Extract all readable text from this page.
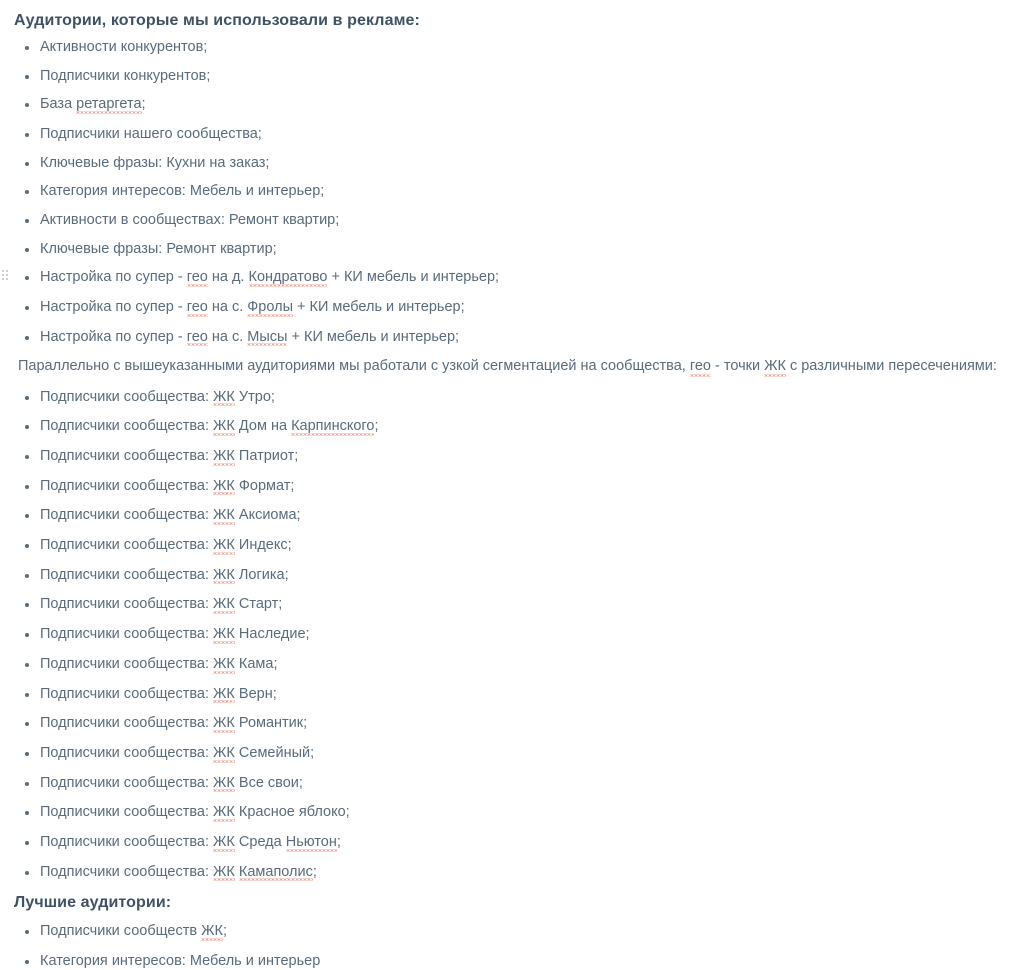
Аудитории, которые мы использовали в рекламе:
Активности конкурентов;
Подписчики конкурентов;
База ретаргета;
Подписчики нашего сообщества;
Ключевые фразы: Кухни на заказ;
Категория интересов: Мебель и интерьер;
Активности в сообществах: Ремонт квартир;
Ключевые фразы: Ремонт квартир;
Настройка по супер - гео на д. Кондратово + КИ мебель и интерьер;
Настройка по супер - гео на с. Фролы + КИ мебель и интерьер;
Настройка по супер - гео на с. Мысы + КИ мебель и интерьер;

Параллельно с вышеуказанными аудиториями мы работали с узкой сегментацией на сообщества, гео - точки ЖК с различными пересечениями:

Подписчики сообщества: ЖК Утро;
Подписчики сообщества: ЖК Дом на Карпинского;
Подписчики сообщества: ЖК Патриот;
Подписчики сообщества: ЖК Формат;
Подписчики сообщества: ЖК Аксиома;
Подписчики сообщества: ЖК Индекс;
Подписчики сообщества: ЖК Логика;
Подписчики сообщества: ЖК Старт;
Подписчики сообщества: ЖК Наследие;
Подписчики сообщества: ЖК Кама;
Подписчики сообщества: ЖК Верн;
Подписчики сообщества: ЖК Романтик;
Подписчики сообщества: ЖК Семейный;
Подписчики сообщества: ЖК Все свои;
Подписчики сообщества: ЖК Красное яблоко;
Подписчики сообщества: ЖК Среда Ньютон;
Подписчики сообщества: ЖК Камаполис;
Лучшие аудитории:
Подписчики сообществ ЖК;
Категория интересов: Мебель и интерьер
